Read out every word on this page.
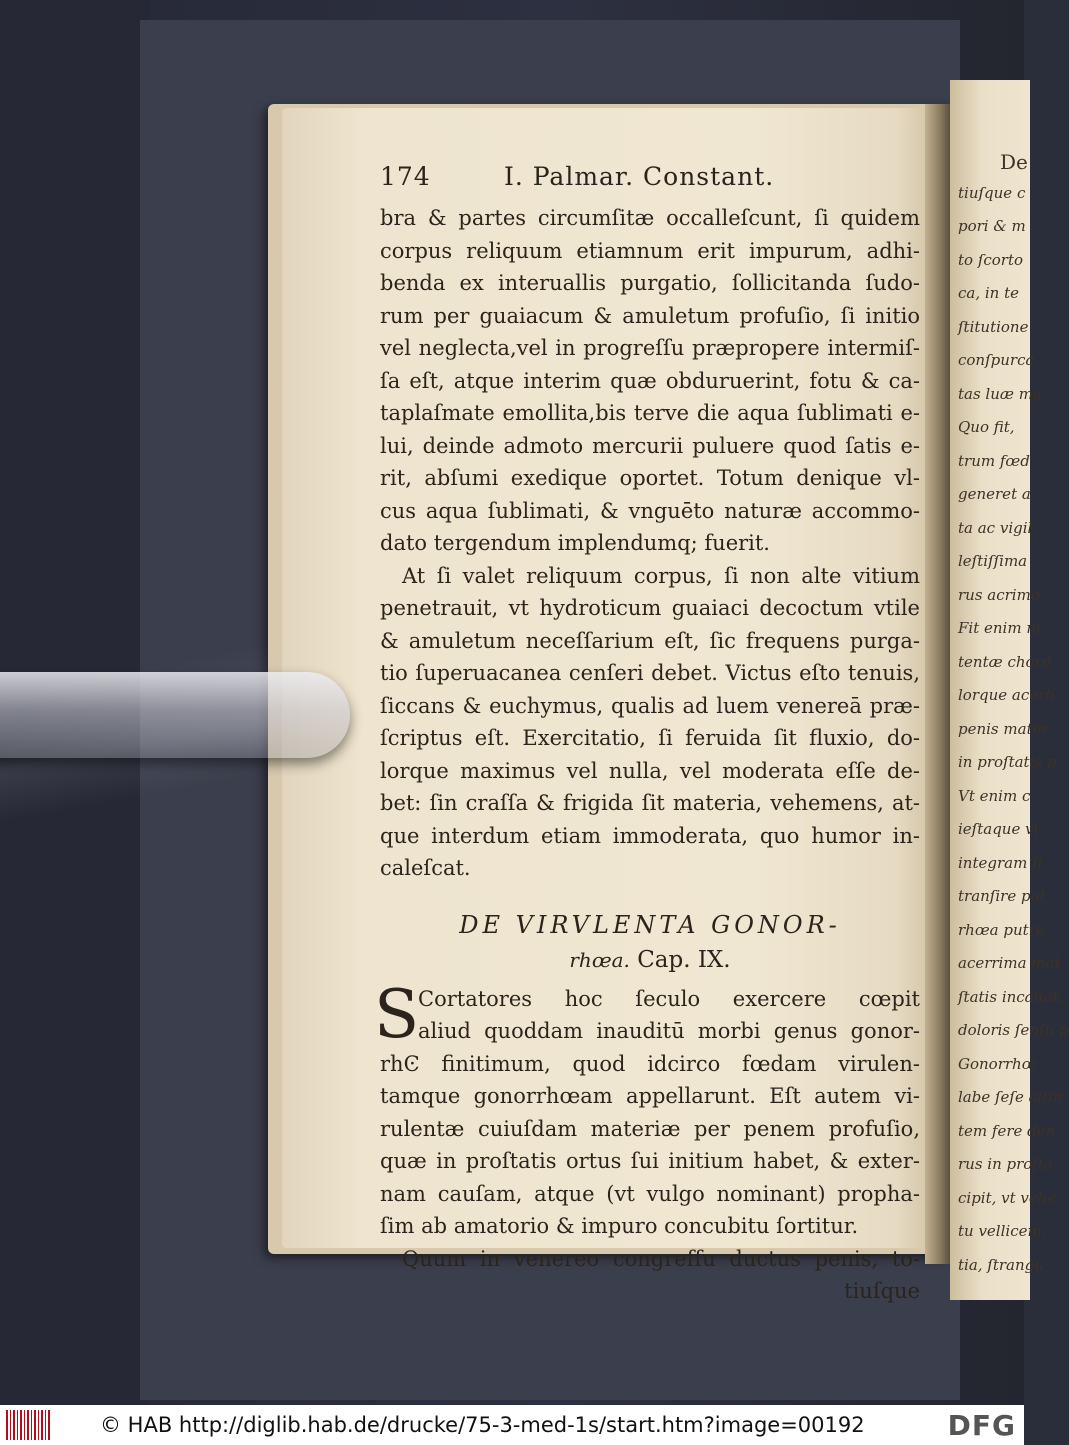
De
tiuſque c
pori & m
to ſcorto
ca, in te
ſtitutione
conſpurca
tas luæ ma
Quo fit,
trum fœd
generet a
ta ac vigil
leſtiſſima
rus acrimo
Fit enim m
tentæ chord
lorque acerb
penis mater
in proſtatis p
Vt enim c
ieſtaque vi
integram ſi
tranſire pot
rhœa putre
acerrima mat
ſtatis incaluit,
doloris ſenſu p
Gonorrhœ
labe ſeſe altin
tem fere den
rus in proſta
cipit, vt vehe
tu velliceт,
tia, ſtrangu
174	I. Palmar. Constant.
bra & partes circumſitæ occalleſcunt, ſi quidem
corpus reliquum etiamnum erit impurum, adhi-
benda ex interuallis purgatio, ſollicitanda ſudo-
rum per guaiacum & amuletum profuſio, ſi initio
vel neglecta,vel in progreſſu præpropere intermiſ-
ſa eſt, atque interim quæ obduruerint, fotu & ca-
taplaſmate emollita,bis terve die aqua ſublimati e-
lui, deinde admoto mercurii puluere quod ſatis e-
rit, abſumi exedique oportet. Totum denique vl-
cus aqua ſublimati, & vnguēto naturæ accommo-
dato tergendum implendumq; fuerit.
At ſi valet reliquum corpus, ſi non alte vitium
penetrauit, vt hydroticum guaiaci decoctum vtile
& amuletum neceſſarium eſt, ſic frequens purga-
tio ſuperuacanea cenſeri debet. Victus eſto tenuis,
ſiccans & euchymus, qualis ad luem venereā præ-
ſcriptus eſt. Exercitatio, ſi feruida ſit fluxio, do-
lorque maximus vel nulla, vel moderata eſſe de-
bet: ſin craſſa & frigida ſit materia, vehemens, at-
que interdum etiam immoderata, quo humor in-
caleſcat.
DE VIRVLENTA GONOR-
rhœa. Cap. IX.
S
Cortatores hoc ſeculo exercere cœpit
aliud quoddam inauditū morbi genus gonor-
rhϾ finitimum, quod idcirco fœdam virulen-
tamque gonorrhœam appellarunt. Eſt autem vi-
rulentæ cuiuſdam materiæ per penem profuſio,
quæ in proſtatis ortus ſui initium habet, & exter-
nam cauſam, atque (vt vulgo nominant) propha-
ſim ab amatorio & impuro concubitu ſortitur.
Quum in venereo congreſſu ductus penis, to-
tiuſque
© HAB http://diglib.hab.de/drucke/75-3-med-1s/start.htm?image=00192	DFG
